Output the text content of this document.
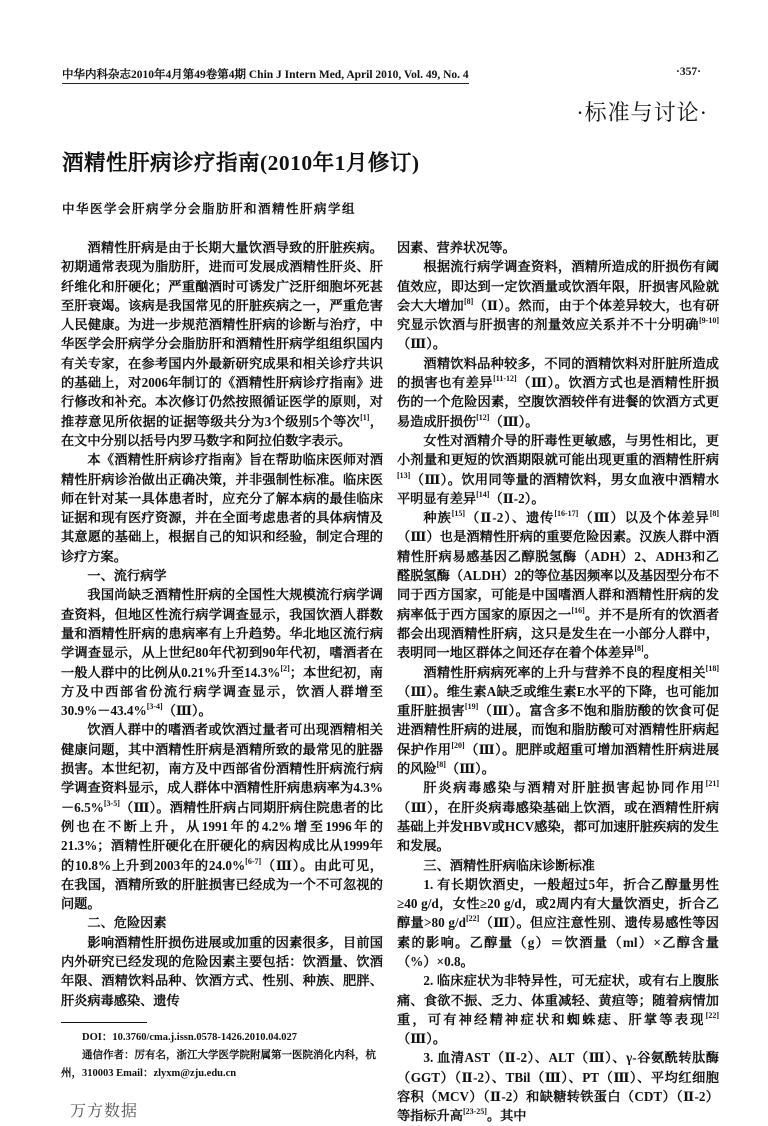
中华内科杂志2010年4月第49卷第4期 Chin J Intern Med, April 2010, Vol. 49, No. 4	·357·
·标准与讨论·
酒精性肝病诊疗指南(2010年1月修订)
中华医学会肝病学分会脂肪肝和酒精性肝病学组

酒精性肝病是由于长期大量饮酒导致的肝脏疾病。初期通常表现为脂肪肝，进而可发展成酒精性肝炎、肝纤维化和肝硬化；严重酗酒时可诱发广泛肝细胞坏死甚至肝衰竭。该病是我国常见的肝脏疾病之一，严重危害人民健康。为进一步规范酒精性肝病的诊断与治疗，中华医学会肝病学分会脂肪肝和酒精性肝病学组组织国内有关专家，在参考国内外最新研究成果和相关诊疗共识的基础上，对2006年制订的《酒精性肝病诊疗指南》进行修改和补充。本次修订仍然按照循证医学的原则，对推荐意见所依据的证据等级共分为3个级别5个等次[1]，在文中分别以括号内罗马数字和阿拉伯数字表示。

本《酒精性肝病诊疗指南》旨在帮助临床医师对酒精性肝病诊治做出正确决策，并非强制性标准。临床医师在针对某一具体患者时，应充分了解本病的最佳临床证据和现有医疗资源，并在全面考虑患者的具体病情及其意愿的基础上，根据自己的知识和经验，制定合理的诊疗方案。

一、流行病学

我国尚缺乏酒精性肝病的全国性大规模流行病学调查资料，但地区性流行病学调查显示，我国饮酒人群数量和酒精性肝病的患病率有上升趋势。华北地区流行病学调查显示，从上世纪80年代初到90年代初，嗜酒者在一般人群中的比例从0.21%升至14.3%[2]；本世纪初，南方及中西部省份流行病学调查显示，饮酒人群增至30.9%－43.4%[3-4]（Ⅲ）。

饮酒人群中的嗜酒者或饮酒过量者可出现酒精相关健康问题，其中酒精性肝病是酒精所致的最常见的脏器损害。本世纪初，南方及中西部省份酒精性肝病流行病学调查资料显示，成人群体中酒精性肝病患病率为4.3%－6.5%[3-5]（Ⅲ）。酒精性肝病占同期肝病住院患者的比例也在不断上升，从1991年的4.2%增至1996年的21.3%；酒精性肝硬化在肝硬化的病因构成比从1999年的10.8%上升到2003年的24.0%[6-7]（Ⅲ）。由此可见，在我国，酒精所致的肝脏损害已经成为一个不可忽视的问题。

二、危险因素

影响酒精性肝损伤进展或加重的因素很多，目前国内外研究已经发现的危险因素主要包括：饮酒量、饮酒年限、酒精饮料品种、饮酒方式、性别、种族、肥胖、肝炎病毒感染、遗传

DOI：10.3760/cma.j.issn.0578-1426.2010.04.027

通信作者：厉有名，浙江大学医学院附属第一医院消化内科，杭州，310003 Email：zlyxm@zju.edu.cn

万方数据

因素、营养状况等。

根据流行病学调查资料，酒精所造成的肝损伤有阈值效应，即达到一定饮酒量或饮酒年限，肝损害风险就会大大增加[8]（Ⅱ）。然而，由于个体差异较大，也有研究显示饮酒与肝损害的剂量效应关系并不十分明确[9-10]（Ⅲ）。

酒精饮料品种较多，不同的酒精饮料对肝脏所造成的损害也有差异[11-12]（Ⅲ）。饮酒方式也是酒精性肝损伤的一个危险因素，空腹饮酒较伴有进餐的饮酒方式更易造成肝损伤[12]（Ⅲ）。

女性对酒精介导的肝毒性更敏感，与男性相比，更小剂量和更短的饮酒期限就可能出现更重的酒精性肝病[13]（Ⅲ）。饮用同等量的酒精饮料，男女血液中酒精水平明显有差异[14]（Ⅱ-2）。

种族[15]（Ⅱ-2）、遗传[16-17]（Ⅲ）以及个体差异[8]（Ⅲ）也是酒精性肝病的重要危险因素。汉族人群中酒精性肝病易感基因乙醇脱氢酶（ADH）2、ADH3和乙醛脱氢酶（ALDH）2的等位基因频率以及基因型分布不同于西方国家，可能是中国嗜酒人群和酒精性肝病的发病率低于西方国家的原因之一[16]。并不是所有的饮酒者都会出现酒精性肝病，这只是发生在一小部分人群中，表明同一地区群体之间还存在着个体差异[8]。

酒精性肝病病死率的上升与营养不良的程度相关[18]（Ⅲ）。维生素A缺乏或维生素E水平的下降，也可能加重肝脏损害[19]（Ⅲ）。富含多不饱和脂肪酸的饮食可促进酒精性肝病的进展，而饱和脂肪酸可对酒精性肝病起保护作用[20]（Ⅲ）。肥胖或超重可增加酒精性肝病进展的风险[8]（Ⅲ）。

肝炎病毒感染与酒精对肝脏损害起协同作用[21]（Ⅲ），在肝炎病毒感染基础上饮酒，或在酒精性肝病基础上并发HBV或HCV感染，都可加速肝脏疾病的发生和发展。

三、酒精性肝病临床诊断标准

1. 有长期饮酒史，一般超过5年，折合乙醇量男性≥40 g/d，女性≥20 g/d，或2周内有大量饮酒史，折合乙醇量>80 g/d[22]（Ⅲ）。但应注意性别、遗传易感性等因素的影响。乙醇量（g）＝饮酒量（ml）×乙醇含量（%）×0.8。

2. 临床症状为非特异性，可无症状，或有右上腹胀痛、食欲不振、乏力、体重减轻、黄疸等；随着病情加重，可有神经精神症状和蜘蛛痣、肝掌等表现[22]（Ⅲ）。

3. 血清AST（Ⅱ-2）、ALT（Ⅲ）、γ-谷氨酰转肽酶（GGT）（Ⅱ-2）、TBil（Ⅲ）、PT（Ⅲ）、平均红细胞容积（MCV）（Ⅱ-2）和缺糖转铁蛋白（CDT）（Ⅱ-2）等指标升高[23-25]。其中
